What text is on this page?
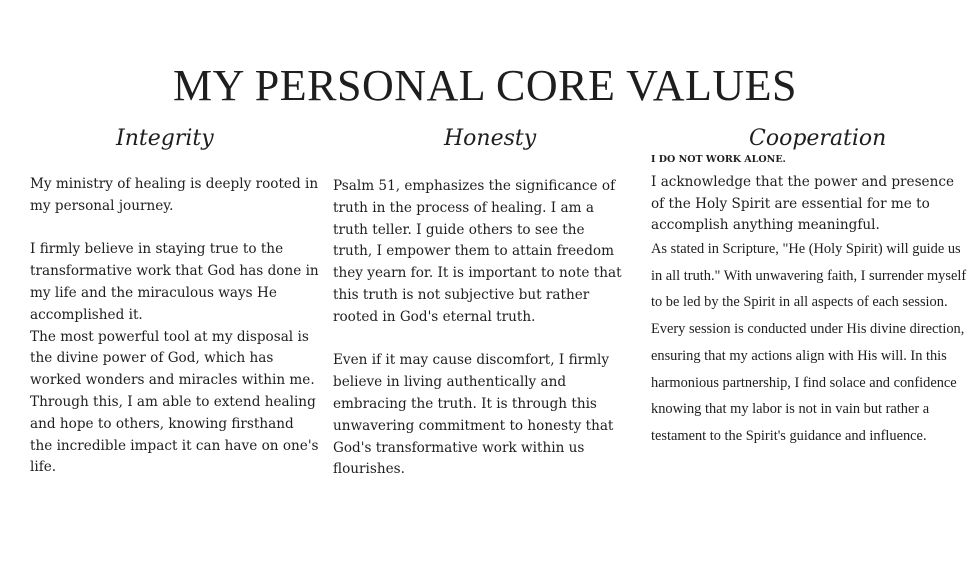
MY PERSONAL CORE VALUES
Integrity

My ministry of healing is deeply rooted in my personal journey.

I firmly believe in staying true to the transformative work that God has done in my life and the miraculous ways He accomplished it.

The most powerful tool at my disposal is the divine power of God, which has worked wonders and miracles within me.

Through this, I am able to extend healing and hope to others, knowing firsthand the incredible impact it can have on one's life.

Honesty

Psalm 51, emphasizes the significance of truth in the process of healing. I am a truth teller. I guide others to see the truth, I empower them to attain freedom they yearn for. It is important to note that this truth is not subjective but rather rooted in God's eternal truth.

Even if it may cause discomfort, I firmly believe in living authentically and embracing the truth. It is through this unwavering commitment to honesty that God's transformative work within us flourishes.

Cooperation
I DO NOT WORK ALONE.

I acknowledge that the power and presence of the Holy Spirit are essential for me to accomplish anything meaningful.

As stated in Scripture, "He (Holy Spirit) will guide us in all truth." With unwavering faith, I surrender myself to be led by the Spirit in all aspects of each session.

Every session is conducted under His divine direction, ensuring that my actions align with His will. In this harmonious partnership, I find solace and confidence knowing that my labor is not in vain but rather a testament to the Spirit's guidance and influence.
